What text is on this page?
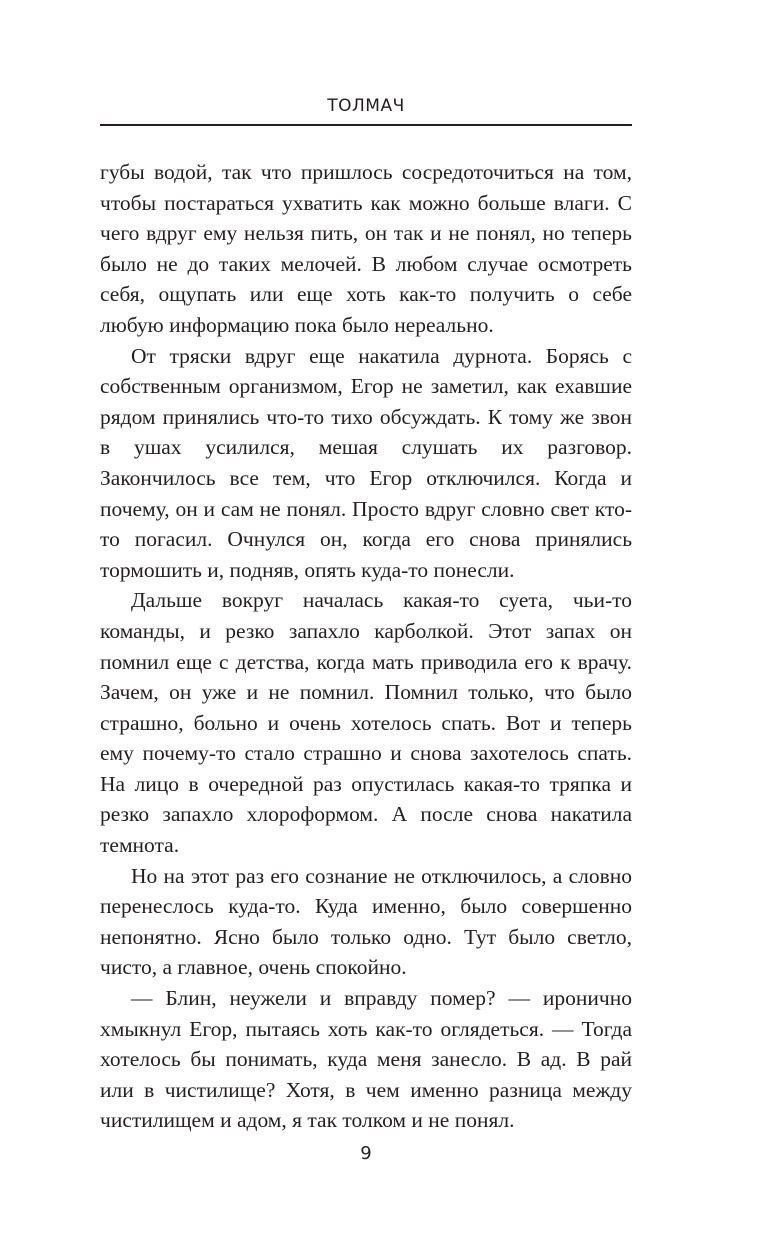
ТОЛМАЧ

губы водой, так что пришлось сосредоточиться на том, чтобы постараться ухватить как можно больше влаги. С чего вдруг ему нельзя пить, он так и не понял, но теперь было не до таких мелочей. В любом случае осмотреть себя, ощупать или еще хоть как-то получить о себе любую информацию пока было нереально.

От тряски вдруг еще накатила дурнота. Борясь с собственным организмом, Егор не заметил, как ехавшие рядом принялись что-то тихо обсуждать. К тому же звон в ушах усилился, мешая слушать их разговор. Закончилось все тем, что Егор отключился. Когда и почему, он и сам не понял. Просто вдруг словно свет кто-то погасил. Очнулся он, когда его снова принялись тормошить и, подняв, опять куда-то понесли.

Дальше вокруг началась какая-то суета, чьи-то команды, и резко запахло карболкой. Этот запах он помнил еще с детства, когда мать приводила его к врачу. Зачем, он уже и не помнил. Помнил только, что было страшно, больно и очень хотелось спать. Вот и теперь ему почему-то стало страшно и снова захотелось спать. На лицо в очередной раз опустилась какая-то тряпка и резко запахло хлороформом. А после снова накатила темнота.

Но на этот раз его сознание не отключилось, а словно перенеслось куда-то. Куда именно, было совершенно непонятно. Ясно было только одно. Тут было светло, чисто, а главное, очень спокойно.

— Блин, неужели и вправду помер? — иронично хмыкнул Егор, пытаясь хоть как-то оглядеться. — Тогда хотелось бы понимать, куда меня занесло. В ад. В рай или в чистилище? Хотя, в чем именно разница между чистилищем и адом, я так толком и не понял.

9
